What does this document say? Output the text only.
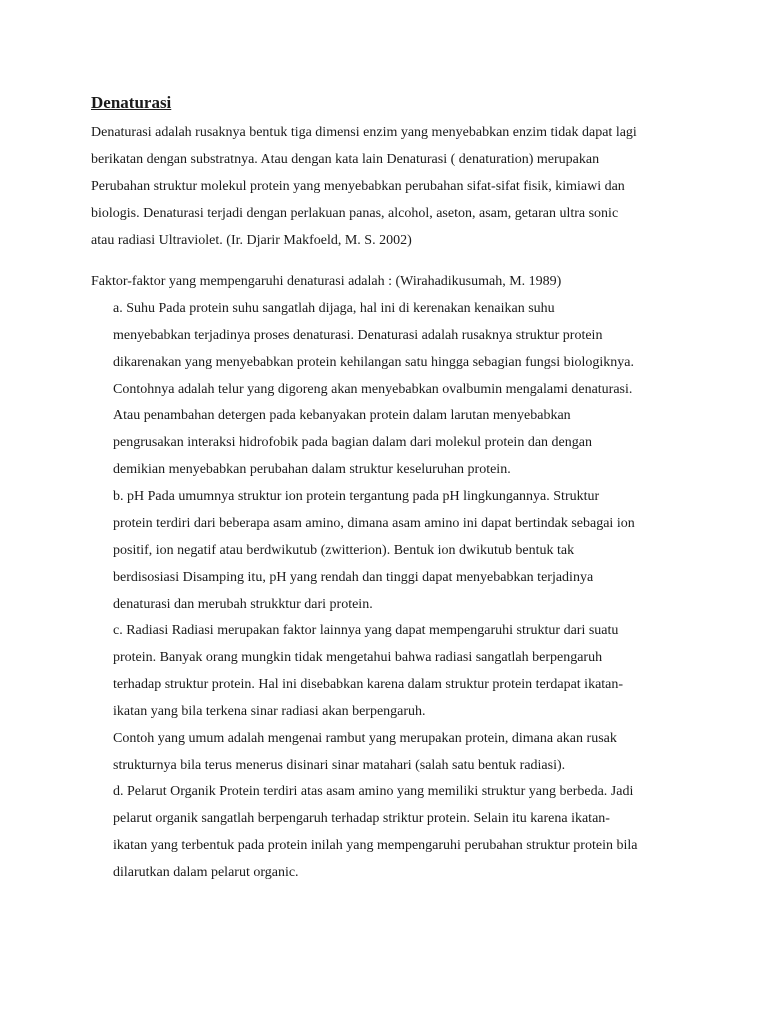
Denaturasi

Denaturasi adalah rusaknya bentuk tiga dimensi enzim yang menyebabkan enzim tidak dapat lagi

berikatan dengan substratnya. Atau dengan kata lain Denaturasi ( denaturation) merupakan

Perubahan struktur molekul protein yang menyebabkan perubahan sifat-sifat fisik, kimiawi dan

biologis. Denaturasi terjadi dengan perlakuan panas, alcohol, aseton, asam, getaran ultra sonic

atau radiasi Ultraviolet. (Ir. Djarir Makfoeld, M. S. 2002)

Faktor-faktor yang mempengaruhi denaturasi adalah : (Wirahadikusumah, M. 1989)

a. Suhu Pada protein suhu sangatlah dijaga, hal ini di kerenakan kenaikan suhu

menyebabkan terjadinya proses denaturasi. Denaturasi adalah rusaknya struktur protein

dikarenakan yang menyebabkan protein kehilangan satu hingga sebagian fungsi biologiknya.

Contohnya adalah telur yang digoreng akan menyebabkan ovalbumin mengalami denaturasi.

Atau penambahan detergen pada kebanyakan protein dalam larutan menyebabkan

pengrusakan interaksi hidrofobik pada bagian dalam dari molekul protein dan dengan

demikian menyebabkan perubahan dalam struktur keseluruhan protein.

b. pH Pada umumnya struktur ion protein tergantung pada pH lingkungannya. Struktur

protein terdiri dari beberapa asam amino, dimana asam amino ini dapat bertindak sebagai ion

positif, ion negatif atau berdwikutub (zwitterion). Bentuk ion dwikutub bentuk tak

berdisosiasi Disamping itu, pH yang rendah dan tinggi dapat menyebabkan terjadinya

denaturasi dan merubah strukktur dari protein.

c. Radiasi Radiasi merupakan faktor lainnya yang dapat mempengaruhi struktur dari suatu

protein. Banyak orang mungkin tidak mengetahui bahwa radiasi sangatlah berpengaruh

terhadap struktur protein. Hal ini disebabkan karena dalam struktur protein terdapat ikatan-

ikatan yang bila terkena sinar radiasi akan berpengaruh.

Contoh yang umum adalah mengenai rambut yang merupakan protein, dimana akan rusak

strukturnya bila terus menerus disinari sinar matahari (salah satu bentuk radiasi).

d. Pelarut Organik Protein terdiri atas asam amino yang memiliki struktur yang berbeda. Jadi

pelarut organik sangatlah berpengaruh terhadap striktur protein. Selain itu karena ikatan-

ikatan yang terbentuk pada protein inilah yang mempengaruhi perubahan struktur protein bila

dilarutkan dalam pelarut organic.
